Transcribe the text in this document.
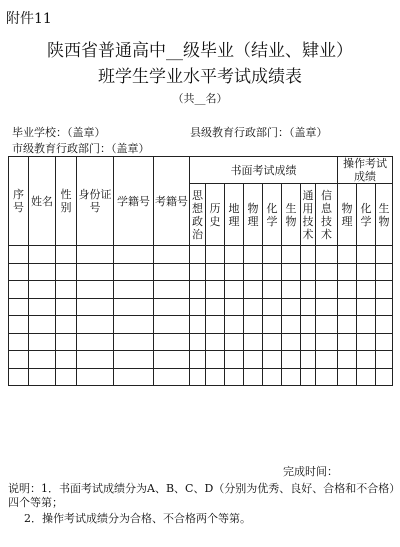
附件11
陕西省普通高中__级毕业（结业、肄业）
班学生学业水平考试成绩表
（共__名）
毕业学校：（盖章）	县级教育行政部门：（盖章）
市级教育行政部门：（盖章）
序号	姓名	性别	身份证号	学籍号	考籍号	书面考试成绩								操作考试成绩		
						思想政治	历史	地理	物理	化学	生物	通用技术	信息技术	物理	化学	生物

完成时间：
说明：1．书面考试成绩分为A、B、C、D（分别为优秀、良好、合格和不合格）四个等第；
2．操作考试成绩分为合格、不合格两个等第。
